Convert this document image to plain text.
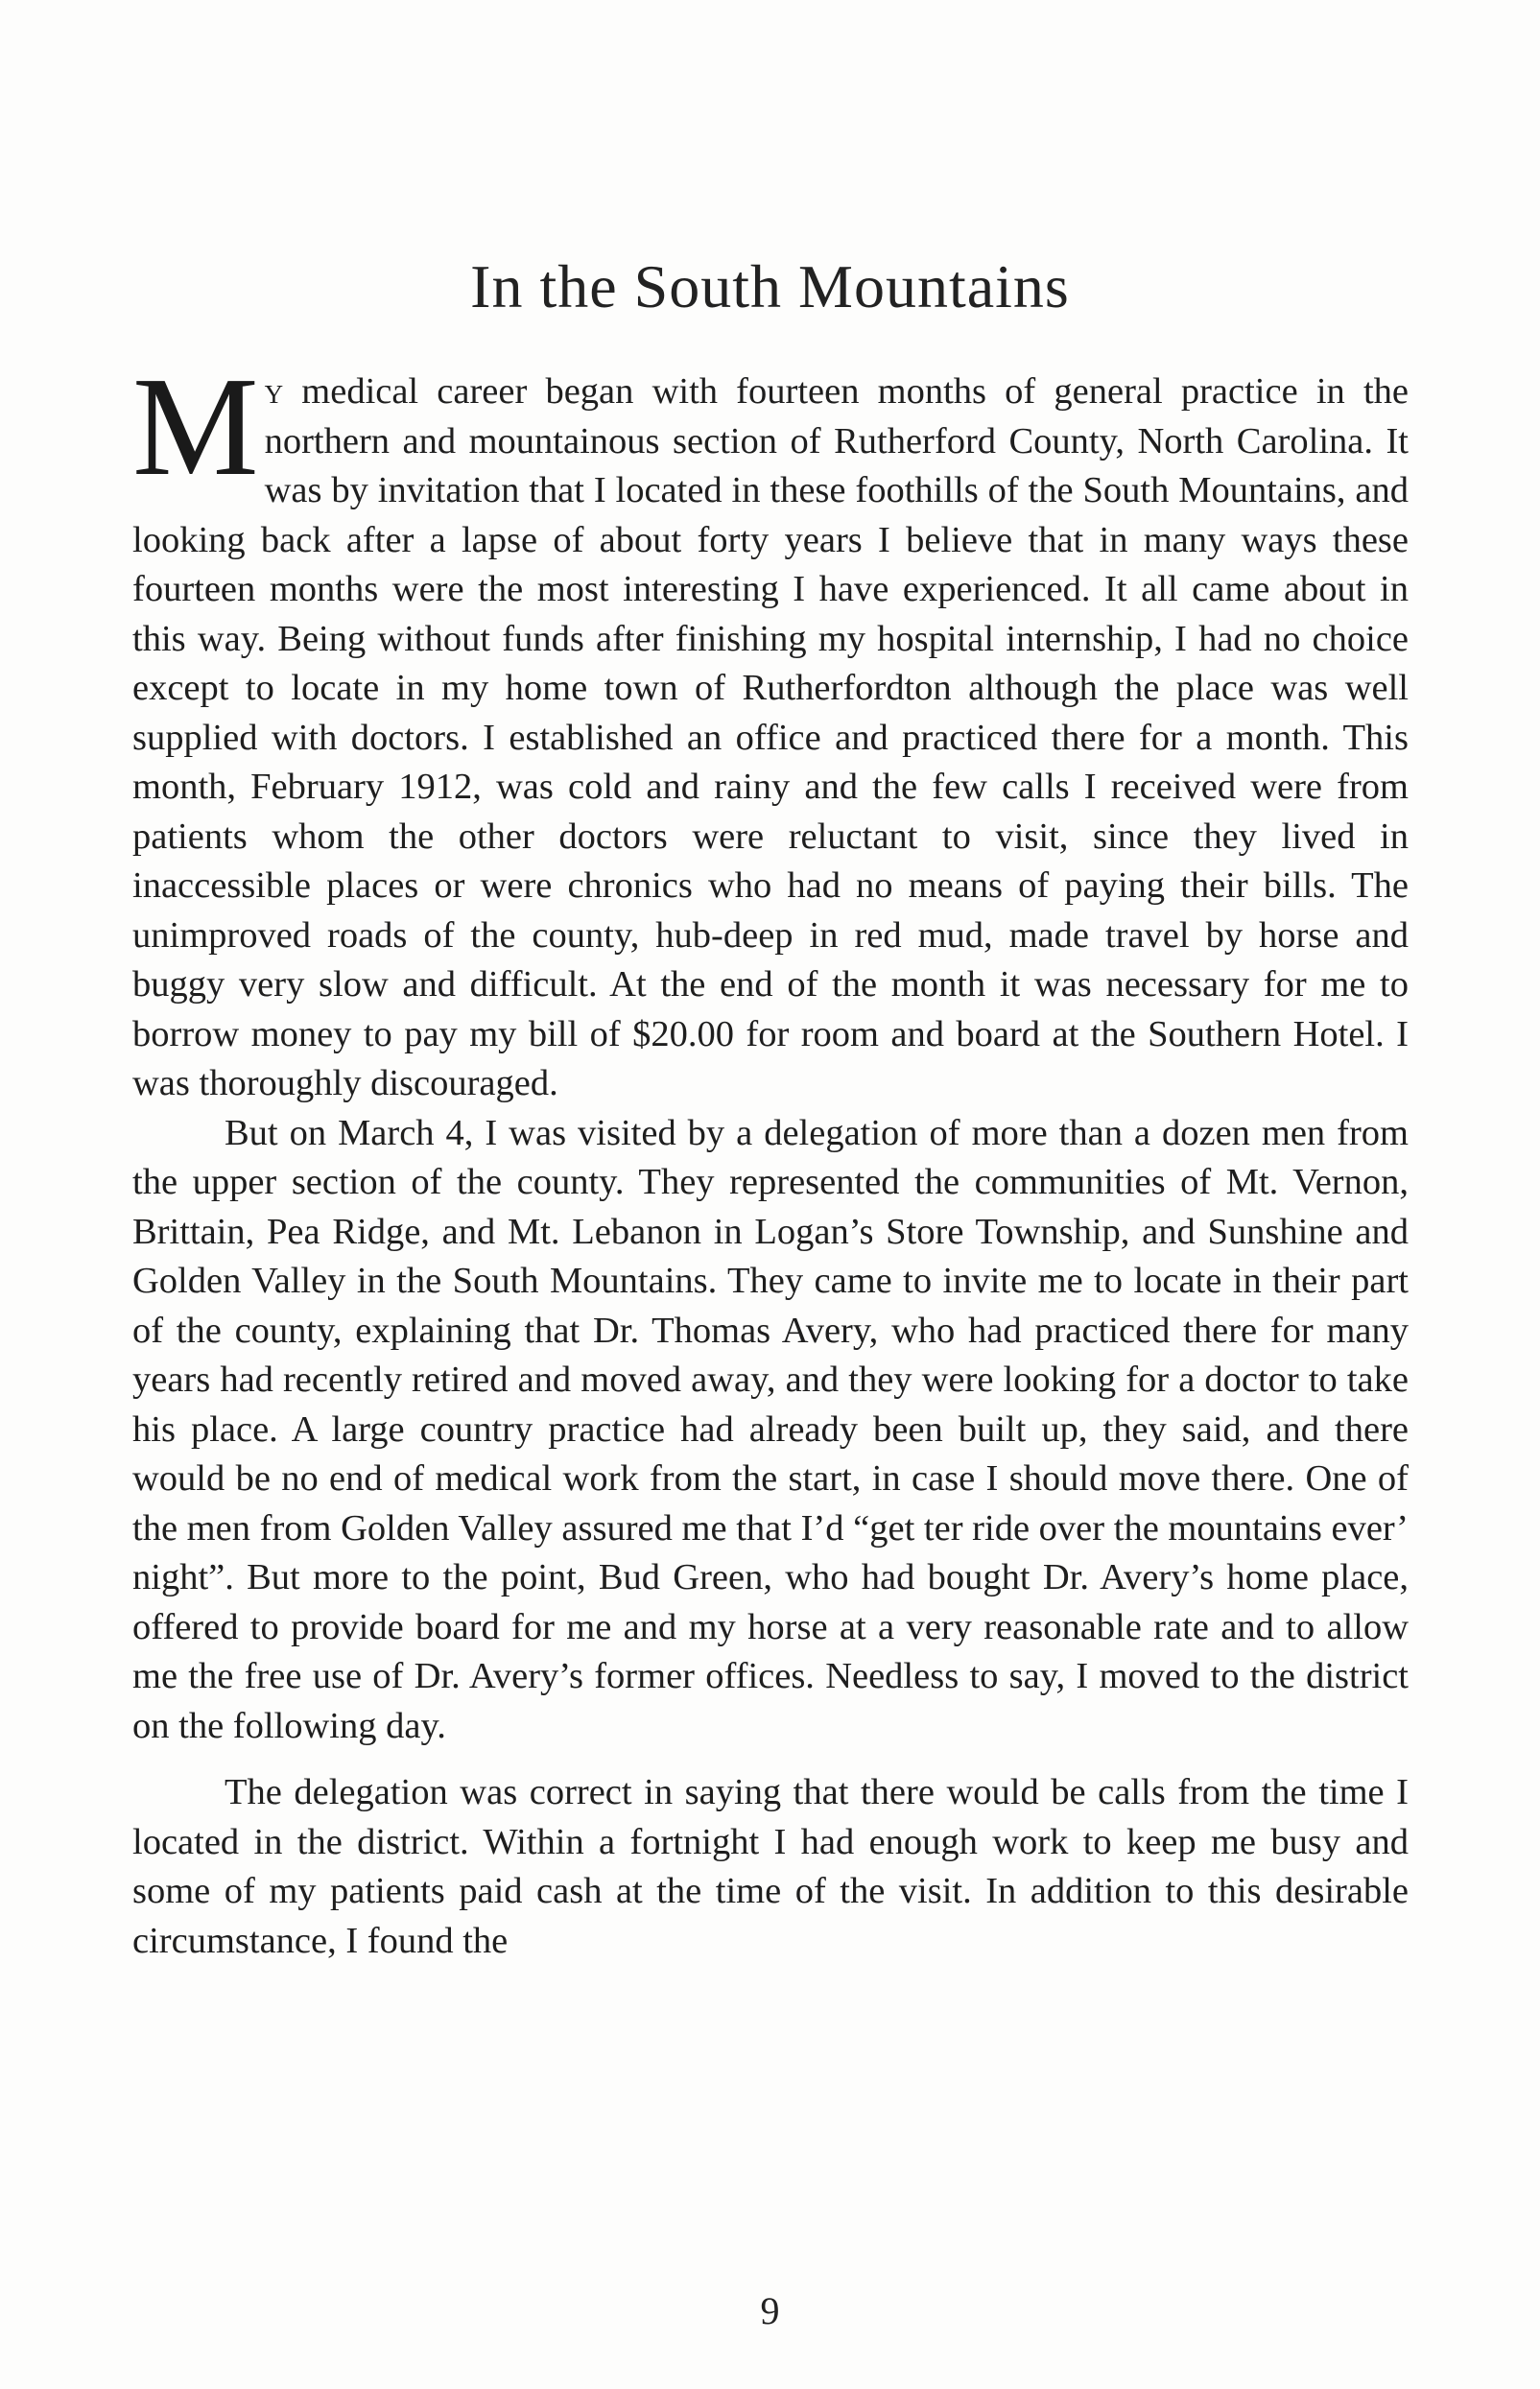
In the South Mountains

My medical career began with fourteen months of general practice in the northern and mountainous section of Rutherford County, North Carolina. It was by invitation that I located in these foothills of the South Mountains, and looking back after a lapse of about forty years I believe that in many ways these fourteen months were the most interesting I have experienced. It all came about in this way. Being without funds after finishing my hospital internship, I had no choice except to locate in my home town of Rutherfordton although the place was well supplied with doctors. I established an office and practiced there for a month. This month, February 1912, was cold and rainy and the few calls I received were from patients whom the other doctors were reluctant to visit, since they lived in inaccessible places or were chronics who had no means of paying their bills. The unimproved roads of the county, hub-deep in red mud, made travel by horse and buggy very slow and difficult. At the end of the month it was necessary for me to borrow money to pay my bill of $20.00 for room and board at the Southern Hotel. I was thoroughly discouraged.

But on March 4, I was visited by a delegation of more than a dozen men from the upper section of the county. They represented the communities of Mt. Vernon, Brittain, Pea Ridge, and Mt. Lebanon in Logan’s Store Township, and Sunshine and Golden Valley in the South Mountains. They came to invite me to locate in their part of the county, explaining that Dr. Thomas Avery, who had practiced there for many years had recently retired and moved away, and they were looking for a doctor to take his place. A large country practice had already been built up, they said, and there would be no end of medical work from the start, in case I should move there. One of the men from Golden Valley assured me that I’d “get ter ride over the mountains ever’ night”. But more to the point, Bud Green, who had bought Dr. Avery’s home place, offered to provide board for me and my horse at a very reasonable rate and to allow me the free use of Dr. Avery’s former offices. Needless to say, I moved to the district on the following day.

The delegation was correct in saying that there would be calls from the time I located in the district. Within a fortnight I had enough work to keep me busy and some of my patients paid cash at the time of the visit. In addition to this desirable circumstance, I found the

9
